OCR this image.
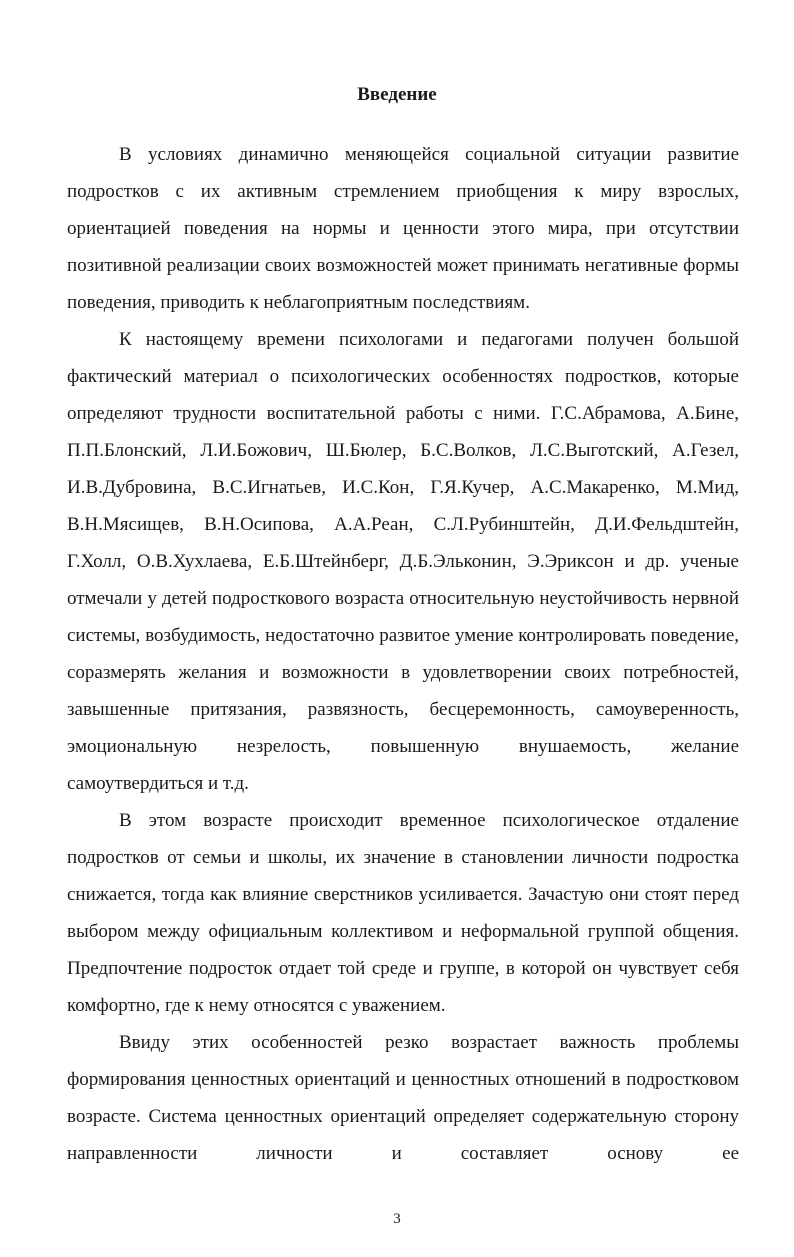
Введение

В условиях динамично меняющейся социальной ситуации развитие подростков с их активным стремлением приобщения к миру взрослых, ориентацией поведения на нормы и ценности этого мира, при отсутствии позитивной реализации своих возможностей может принимать негативные формы поведения, приводить к неблагоприятным последствиям.

К настоящему времени психологами и педагогами получен большой фактический материал о психологических особенностях подростков, которые определяют трудности воспитательной работы с ними. Г.С.Абрамова, А.Бине, П.П.Блонский, Л.И.Божович, Ш.Бюлер, Б.С.Волков, Л.С.Выготский, А.Гезел, И.В.Дубровина, В.С.Игнатьев, И.С.Кон, Г.Я.Кучер, А.С.Макаренко, М.Мид, В.Н.Мясищев, В.Н.Осипова, А.А.Реан, С.Л.Рубинштейн, Д.И.Фельдштейн, Г.Холл, О.В.Хухлаева, Е.Б.Штейнберг, Д.Б.Эльконин, Э.Эриксон и др. ученые отмечали у детей подросткового возраста относительную неустойчивость нервной системы, возбудимость, недостаточно развитое умение контролировать поведение, соразмерять желания и возможности в удовлетворении своих потребностей, завышенные притязания, развязность, бесцеремонность, самоуверенность, эмоциональную незрелость, повышенную внушаемость, желание самоутвердиться и т.д.

В этом возрасте происходит временное психологическое отдаление подростков от семьи и школы, их значение в становлении личности подростка снижается, тогда как влияние сверстников усиливается. Зачастую они стоят перед выбором между официальным коллективом и неформальной группой общения. Предпочтение подросток отдает той среде и группе, в которой он чувствует себя комфортно, где к нему относятся с уважением.

Ввиду этих особенностей резко возрастает важность проблемы формирования ценностных ориентаций и ценностных отношений в подростковом возрасте. Система ценностных ориентаций определяет содержательную сторону направленности личности и составляет основу ее

3
